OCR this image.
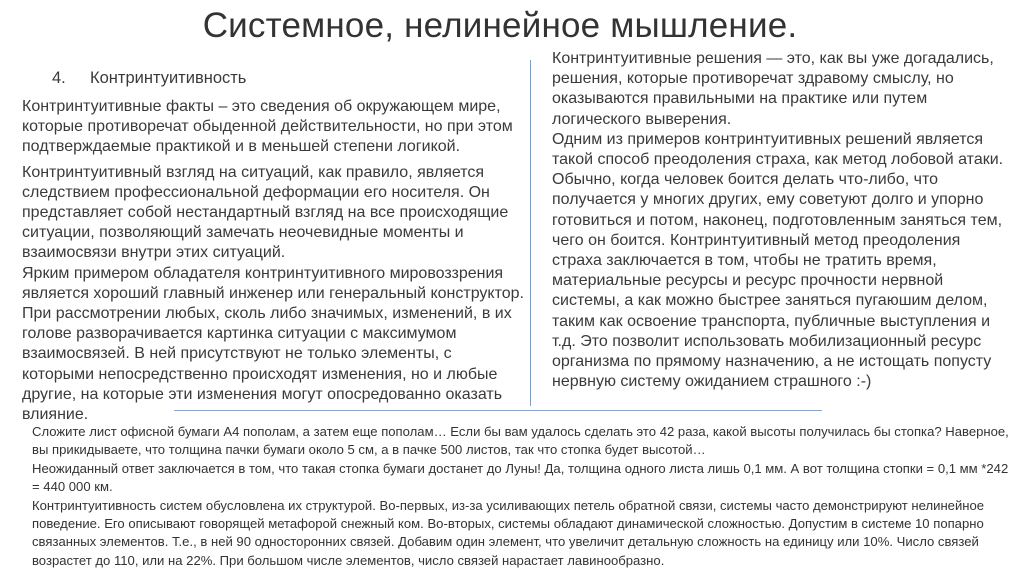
Системное, нелинейное мышление.
4. Контринтуитивность

Контринтуитивные факты – это сведения об окружающем мире, которые противоречат обыденной действительности, но при этом подтверждаемые практикой и в меньшей степени логикой.

Контринтуитивный взгляд на ситуаций, как правило, является следствием профессиональной деформации его носителя. Он представляет собой нестандартный взгляд на все происходящие ситуации, позволяющий замечать неочевидные моменты и взаимосвязи внутри этих ситуаций.

Ярким примером обладателя контринтуитивного мировоззрения является хороший главный инженер или генеральный конструктор. При рассмотрении любых, сколь либо значимых, изменений, в их голове разворачивается картинка ситуации с максимумом взаимосвязей. В ней присутствуют не только элементы, с которыми непосредственно происходят изменения, но и любые другие, на которые эти изменения могут опосредованно оказать влияние.

Контринтуитивные решения — это, как вы уже догадались, решения, которые противоречат здравому смыслу, но оказываются правильными на практике или путем логического выверения.

Одним из примеров контринтуитивных решений является такой способ преодоления страха, как метод лобовой атаки. Обычно, когда человек боится делать что-либо, что получается у многих других, ему советуют долго и упорно готовиться и потом, наконец, подготовленным заняться тем, чего он боится. Контринтуитивный метод преодоления страха заключается в том, чтобы не тратить время, материальные ресурсы и ресурс прочности нервной системы, а как можно быстрее заняться пугаюшим делом, таким как освоение транспорта, публичные выступления и т.д. Это позволит использовать мобилизационный ресурс организма по прямому назначению, а не истощать попусту нервную систему ожиданием страшного :-)

Сложите лист офисной бумаги А4 пополам, а затем еще пополам… Если бы вам удалось сделать это 42 раза, какой высоты получилась бы стопка? Наверное, вы прикидываете, что толщина пачки бумаги около 5 см, а в пачке 500 листов, так что стопка будет высотой…

Неожиданный ответ заключается в том, что такая стопка бумаги достанет до Луны! Да, толщина одного листа лишь 0,1 мм. А вот толщина стопки = 0,1 мм *242 = 440 000 км.

Контринтуитивность систем обусловлена их структурой. Во-первых, из-за усиливающих петель обратной связи, системы часто демонстрируют нелинейное поведение. Его описывают говорящей метафорой снежный ком. Во-вторых, системы обладают динамической сложностью. Допустим в системе 10 попарно связанных элементов. Т.е., в ней 90 односторонних связей. Добавим один элемент, что увеличит детальную сложность на единицу или 10%. Число связей возрастет до 110, или на 22%. При большом числе элементов, число связей нарастает лавинообразно.
